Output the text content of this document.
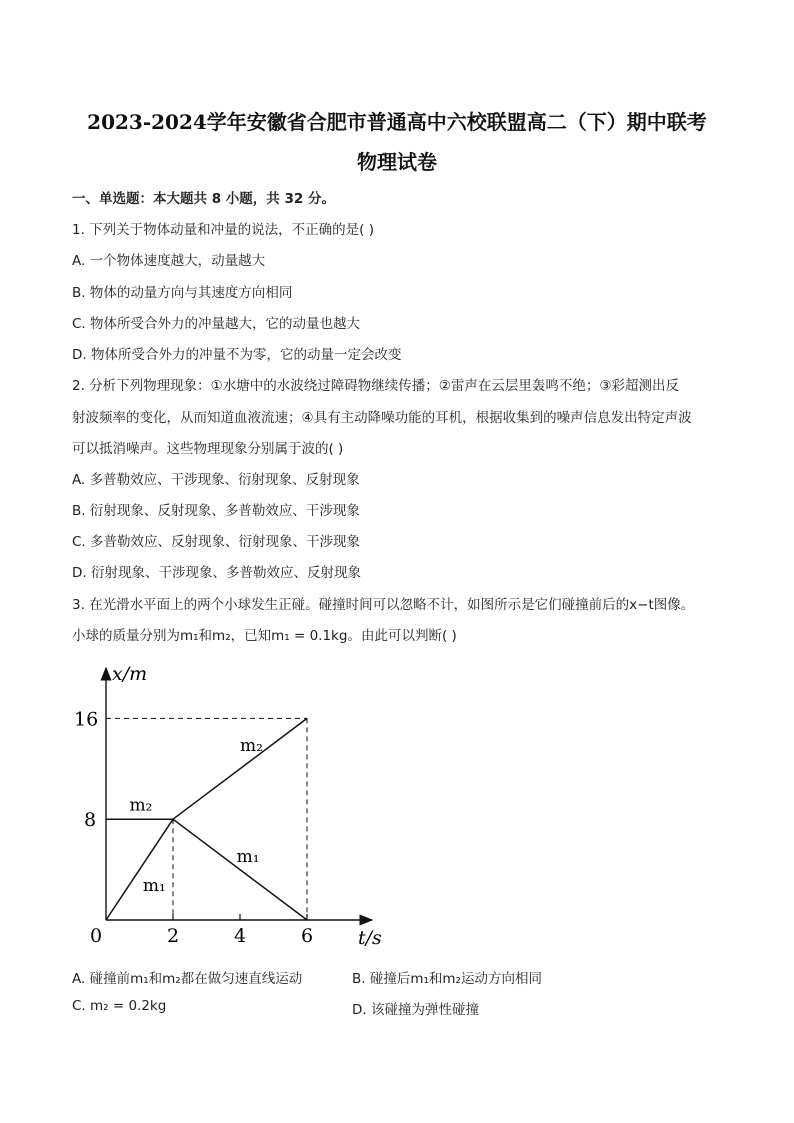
2023-2024学年安徽省合肥市普通高中六校联盟高二（下）期中联考
物理试卷
一、单选题：本大题共 8 小题，共 32 分。
1. 下列关于物体动量和冲量的说法，不正确的是( )
A. 一个物体速度越大，动量越大
B. 物体的动量方向与其速度方向相同
C. 物体所受合外力的冲量越大，它的动量也越大
D. 物体所受合外力的冲量不为零，它的动量一定会改变
2. 分析下列物理现象：①水塘中的水波绕过障碍物继续传播；②雷声在云层里轰鸣不绝；③彩超测出反
射波频率的变化，从而知道血液流速；④具有主动降噪功能的耳机，根据收集到的噪声信息发出特定声波
可以抵消噪声。这些物理现象分别属于波的( )
A. 多普勒效应、干涉现象、衍射现象、反射现象
B. 衍射现象、反射现象、多普勒效应、干涉现象
C. 多普勒效应、反射现象、衍射现象、干涉现象
D. 衍射现象、干涉现象、多普勒效应、反射现象
3. 在光滑水平面上的两个小球发生正碰。碰撞时间可以忽略不计，如图所示是它们碰撞前后的x−t图像。
小球的质量分别为m₁和m₂，已知m₁ = 0.1kg。由此可以判断( )
0	2	4	6
8
16
m₂
m₁
m₂
m₁
x/m
t/s
A. 碰撞前m₁和m₂都在做匀速直线运动	B. 碰撞后m₁和m₂运动方向相同
C. m₂ = 0.2kg	D. 该碰撞为弹性碰撞
